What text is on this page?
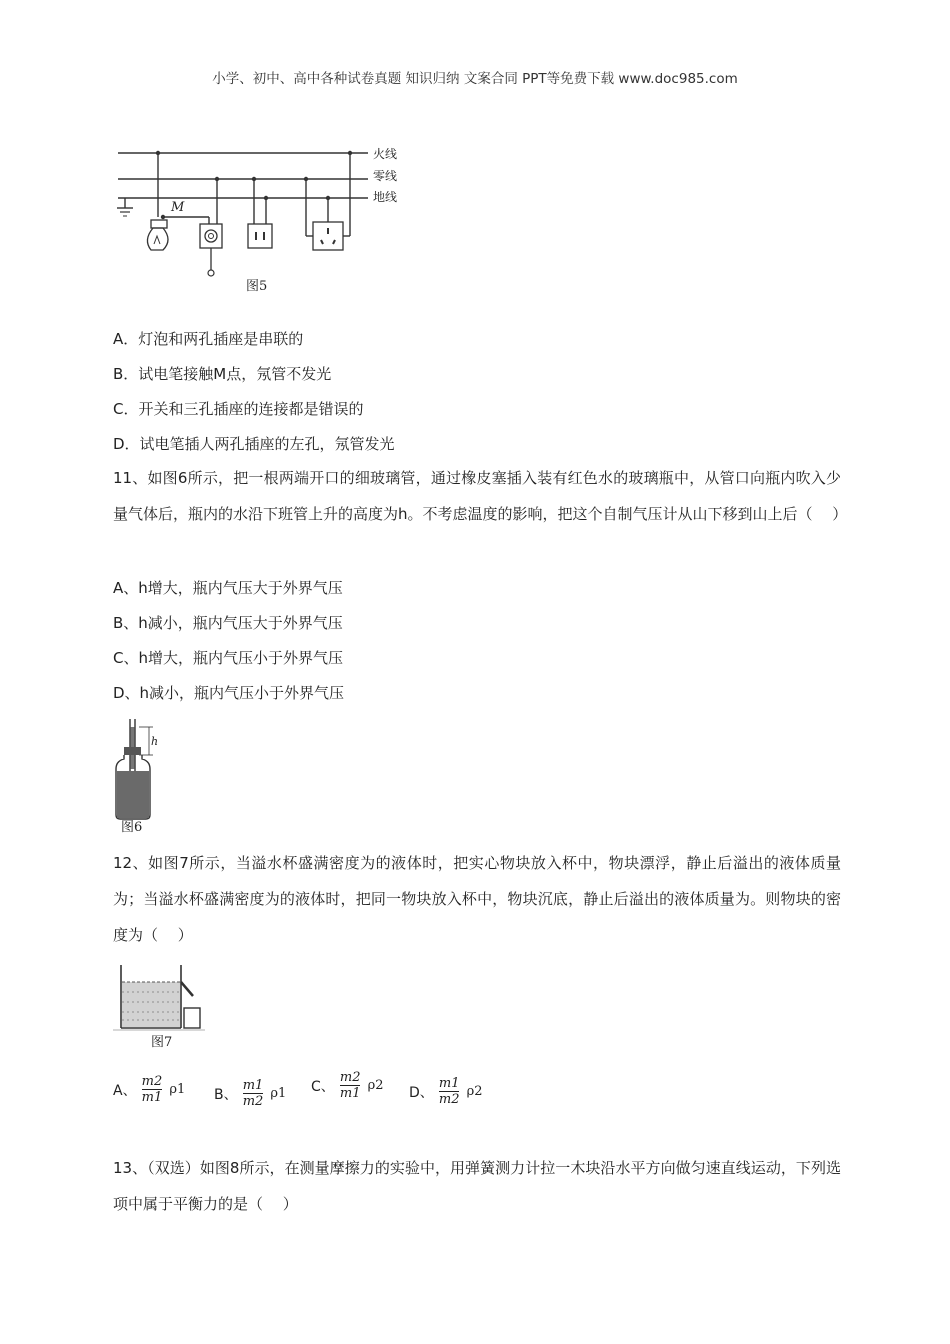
小学、初中、高中各种试卷真题 知识归纳 文案合同 PPT等免费下载 www.doc985.com
火线
零线
地线
M
图5
A．灯泡和两孔插座是串联的
B．试电笔接触M点，氖管不发光
C．开关和三孔插座的连接都是错误的
D．试电笔插人两孔插座的左孔，氖管发光
11、如图6所示，把一根两端开口的细玻璃管，通过橡皮塞插入装有红色水的玻璃瓶中，从管口向瓶内吹入少量气体后，瓶内的水沿下班管上升的高度为h。不考虑温度的影响，把这个自制气压计从山下移到山上后（　 ）
A、h增大，瓶内气压大于外界气压
B、h减小，瓶内气压大于外界气压
C、h增大，瓶内气压小于外界气压
D、h减小，瓶内气压小于外界气压
h
图6
12、如图7所示，当溢水杯盛满密度为的液体时，把实心物块放入杯中，物块漂浮，静止后溢出的液体质量为；当溢水杯盛满密度为的液体时，把同一物块放入杯中，物块沉底，静止后溢出的液体质量为。则物块的密度为（　 ）
图7
A、 $\frac{m2}{m1} \rho 1$ B、 $\frac{m1}{m2} \rho 1$ C、 $\frac{m2}{m1} \rho 2$ D、 $\frac{m1}{m2} \rho 2$
13、（双选）如图8所示，在测量摩擦力的实验中，用弹簧测力计拉一木块沿水平方向做匀速直线运动，下列选项中属于平衡力的是（　 ）
